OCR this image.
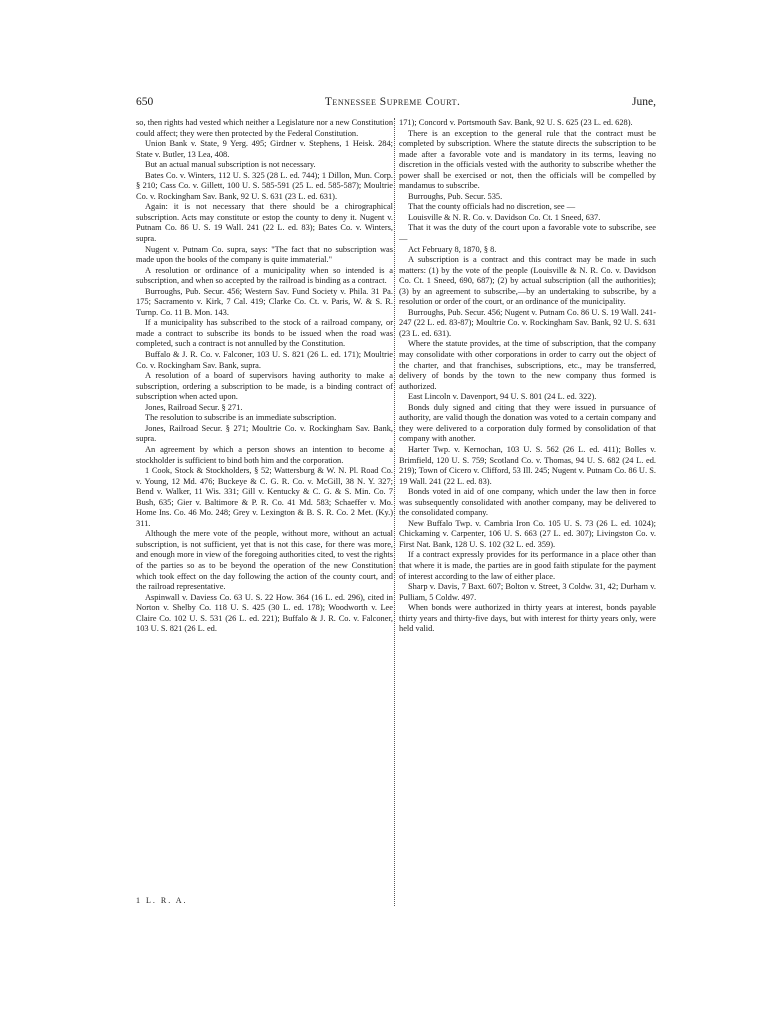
650	Tennessee Supreme Court.	June,

so, then rights had vested which neither a Legislature nor a new Constitution could affect; they were then protected by the Federal Constitution.

Union Bank v. State, 9 Yerg. 495; Girdner v. Stephens, 1 Heisk. 284; State v. Butler, 13 Lea, 408.

But an actual manual subscription is not necessary.

Bates Co. v. Winters, 112 U. S. 325 (28 L. ed. 744); 1 Dillon, Mun. Corp. § 210; Cass Co. v. Gillett, 100 U. S. 585-591 (25 L. ed. 585-587); Moultrie Co. v. Rockingham Sav. Bank, 92 U. S. 631 (23 L. ed. 631).

Again: it is not necessary that there should be a chirographical subscription. Acts may constitute or estop the county to deny it. Nugent v. Putnam Co. 86 U. S. 19 Wall. 241 (22 L. ed. 83); Bates Co. v. Winters, supra.

Nugent v. Putnam Co. supra, says: "The fact that no subscription was made upon the books of the company is quite immaterial."

A resolution or ordinance of a municipality when so intended is a subscription, and when so accepted by the railroad is binding as a contract.

Burroughs, Pub. Secur. 456; Western Sav. Fund Society v. Phila. 31 Pa. 175; Sacramento v. Kirk, 7 Cal. 419; Clarke Co. Ct. v. Paris, W. & S. R. Turnp. Co. 11 B. Mon. 143.

If a municipality has subscribed to the stock of a railroad company, or made a contract to subscribe its bonds to be issued when the road was completed, such a contract is not annulled by the Constitution.

Buffalo & J. R. Co. v. Falconer, 103 U. S. 821 (26 L. ed. 171); Moultrie Co. v. Rockingham Sav. Bank, supra.

A resolution of a board of supervisors having authority to make a subscription, ordering a subscription to be made, is a binding contract of subscription when acted upon.

Jones, Railroad Secur. § 271.

The resolution to subscribe is an immediate subscription.

Jones, Railroad Secur. § 271; Moultrie Co. v. Rockingham Sav. Bank, supra.

An agreement by which a person shows an intention to become a stockholder is sufficient to bind both him and the corporation.

1 Cook, Stock & Stockholders, § 52; Wattersburg & W. N. Pl. Road Co. v. Young, 12 Md. 476; Buckeye & C. G. R. Co. v. McGill, 38 N. Y. 327; Bend v. Walker, 11 Wis. 331; Gill v. Kentucky & C. G. & S. Min. Co. 7 Bush, 635; Gier v. Baltimore & P. R. Co. 41 Md. 583; Schaeffer v. Mo. Home Ins. Co. 46 Mo. 248; Grey v. Lexington & B. S. R. Co. 2 Met. (Ky.) 311.

Although the mere vote of the people, without more, without an actual subscription, is not sufficient, yet that is not this case, for there was more, and enough more in view of the foregoing authorities cited, to vest the rights of the parties so as to be beyond the operation of the new Constitution which took effect on the day following the action of the county court, and the railroad representative.

Aspinwall v. Daviess Co. 63 U. S. 22 How. 364 (16 L. ed. 296), cited in Norton v. Shelby Co. 118 U. S. 425 (30 L. ed. 178); Woodworth v. Lee Claire Co. 102 U. S. 531 (26 L. ed. 221); Buffalo & J. R. Co. v. Falconer, 103 U. S. 821 (26 L. ed.

171); Concord v. Portsmouth Sav. Bank, 92 U. S. 625 (23 L. ed. 628).

There is an exception to the general rule that the contract must be completed by subscription. Where the statute directs the subscription to be made after a favorable vote and is mandatory in its terms, leaving no discretion in the officials vested with the authority to subscribe whether the power shall be exercised or not, then the officials will be compelled by mandamus to subscribe.

Burroughs, Pub. Secur. 535.

That the county officials had no discretion, see —

Louisville & N. R. Co. v. Davidson Co. Ct. 1 Sneed, 637.

That it was the duty of the court upon a favorable vote to subscribe, see —

Act February 8, 1870, § 8.

A subscription is a contract and this contract may be made in such matters: (1) by the vote of the people (Louisville & N. R. Co. v. Davidson Co. Ct. 1 Sneed, 690, 687); (2) by actual subscription (all the authorities); (3) by an agreement to subscribe,—by an undertaking to subscribe, by a resolution or order of the court, or an ordinance of the municipality.

Burroughs, Pub. Secur. 456; Nugent v. Putnam Co. 86 U. S. 19 Wall. 241-247 (22 L. ed. 83-87); Moultrie Co. v. Rockingham Sav. Bank, 92 U. S. 631 (23 L. ed. 631).

Where the statute provides, at the time of subscription, that the company may consolidate with other corporations in order to carry out the object of the charter, and that franchises, subscriptions, etc., may be transferred, delivery of bonds by the town to the new company thus formed is authorized.

East Lincoln v. Davenport, 94 U. S. 801 (24 L. ed. 322).

Bonds duly signed and citing that they were issued in pursuance of authority, are valid though the donation was voted to a certain company and they were delivered to a corporation duly formed by consolidation of that company with another.

Harter Twp. v. Kernochan, 103 U. S. 562 (26 L. ed. 411); Bolles v. Brimfield, 120 U. S. 759; Scotland Co. v. Thomas, 94 U. S. 682 (24 L. ed. 219); Town of Cicero v. Clifford, 53 Ill. 245; Nugent v. Putnam Co. 86 U. S. 19 Wall. 241 (22 L. ed. 83).

Bonds voted in aid of one company, which under the law then in force was subsequently consolidated with another company, may be delivered to the consolidated company.

New Buffalo Twp. v. Cambria Iron Co. 105 U. S. 73 (26 L. ed. 1024); Chickaming v. Carpenter, 106 U. S. 663 (27 L. ed. 307); Livingston Co. v. First Nat. Bank, 128 U. S. 102 (32 L. ed. 359).

If a contract expressly provides for its performance in a place other than that where it is made, the parties are in good faith stipulate for the payment of interest according to the law of either place.

Sharp v. Davis, 7 Baxt. 607; Bolton v. Street, 3 Coldw. 31, 42; Durham v. Pulliam, 5 Coldw. 497.

When bonds were authorized in thirty years at interest, bonds payable thirty years and thirty-five days, but with interest for thirty years only, were held valid.

1 L. R. A.
